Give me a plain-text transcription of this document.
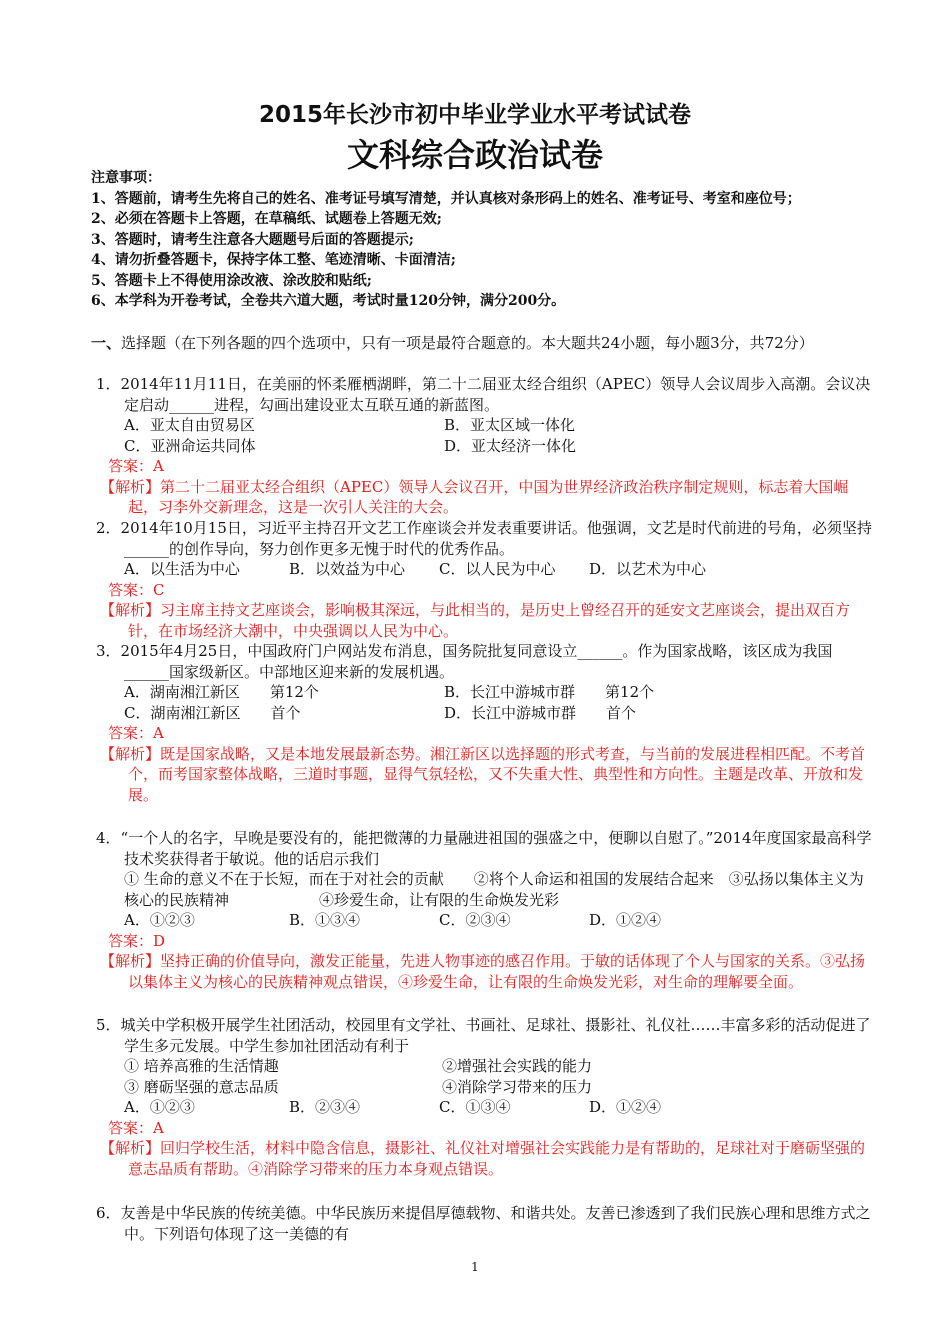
2015年长沙市初中毕业学业水平考试试卷
文科综合政治试卷
注意事项：
1、答题前，请考生先将自己的姓名、准考证号填写清楚，并认真核对条形码上的姓名、准考证号、考室和座位号；
2、必须在答题卡上答题，在草稿纸、试题卷上答题无效;
3、答题时，请考生注意各大题题号后面的答题提示;
4、请勿折叠答题卡，保持字体工整、笔迹清晰、卡面清洁;
5、答题卡上不得使用涂改液、涂改胶和贴纸;
6、本学科为开卷考试，全卷共六道大题，考试时量120分钟，满分200分。
一、选择题（在下列各题的四个选项中，只有一项是最符合题意的。本大题共24小题，每小题3分，共72分）
1．2014年11月11日，在美丽的怀柔雁栖湖畔，第二十二届亚太经合组织（APEC）领导人会议周步入高潮。会议决定启动______进程，勾画出建设亚太互联互通的新蓝图。
A．亚太自由贸易区	B．亚太区域一体化
C．亚洲命运共同体	D．亚太经济一体化
答案：A
【解析】第二十二届亚太经合组织（APEC）领导人会议召开，中国为世界经济政治秩序制定规则，标志着大国崛起，习李外交新理念，这是一次引人关注的大会。
2．2014年10月15日，习近平主持召开文艺工作座谈会并发表重要讲话。他强调，文艺是时代前进的号角，必须坚持______的创作导向，努力创作更多无愧于时代的优秀作品。
A．以生活为中心	B．以效益为中心	C．以人民为中心	D．以艺术为中心
答案：C
【解析】习主席主持文艺座谈会，影响极其深远，与此相当的，是历史上曾经召开的延安文艺座谈会，提出双百方针，在市场经济大潮中，中央强调以人民为中心。
3．2015年4月25日，中国政府门户网站发布消息，国务院批复同意设立______。作为国家战略，该区成为我国______国家级新区。中部地区迎来新的发展机遇。
A．湖南湘江新区　　第12个	B．长江中游城市群　　第12个
C．湖南湘江新区　　首个	D．长江中游城市群　　首个
答案：A
【解析】既是国家战略，又是本地发展最新态势。湘江新区以选择题的形式考查，与当前的发展进程相匹配。不考首个，而考国家整体战略，三道时事题，显得气氛轻松，又不失重大性、典型性和方向性。主题是改革、开放和发展。
4．“一个人的名字，早晚是要没有的，能把微薄的力量融进祖国的强盛之中，便聊以自慰了。”2014年度国家最高科学技术奖获得者于敏说。他的话启示我们
① 生命的意义不在于长短，而在于对社会的贡献　　②将个人命运和祖国的发展结合起来　③弘扬以集体主义为核心的民族精神　　　　　　④珍爱生命，让有限的生命焕发光彩
A．①②③	B．①③④	C．②③④	D．①②④
答案：D
【解析】坚持正确的价值导向，激发正能量，先进人物事迹的感召作用。于敏的话体现了个人与国家的关系。③弘扬以集体主义为核心的民族精神观点错误，④珍爱生命，让有限的生命焕发光彩，对生命的理解要全面。
5．城关中学积极开展学生社团活动，校园里有文学社、书画社、足球社、摄影社、礼仪社……丰富多彩的活动促进了学生多元发展。中学生参加社团活动有利于
① 培养高雅的生活情趣	②增强社会实践的能力
③ 磨砺坚强的意志品质	④消除学习带来的压力
A．①②③	B．②③④	C．①③④	D．①②④
答案：A
【解析】回归学校生活，材料中隐含信息，摄影社、礼仪社对增强社会实践能力是有帮助的，足球社对于磨砺坚强的意志品质有帮助。④消除学习带来的压力本身观点错误。
6．友善是中华民族的传统美德。中华民族历来提倡厚德载物、和谐共处。友善已渗透到了我们民族心理和思维方式之中。下列语句体现了这一美德的有
1
